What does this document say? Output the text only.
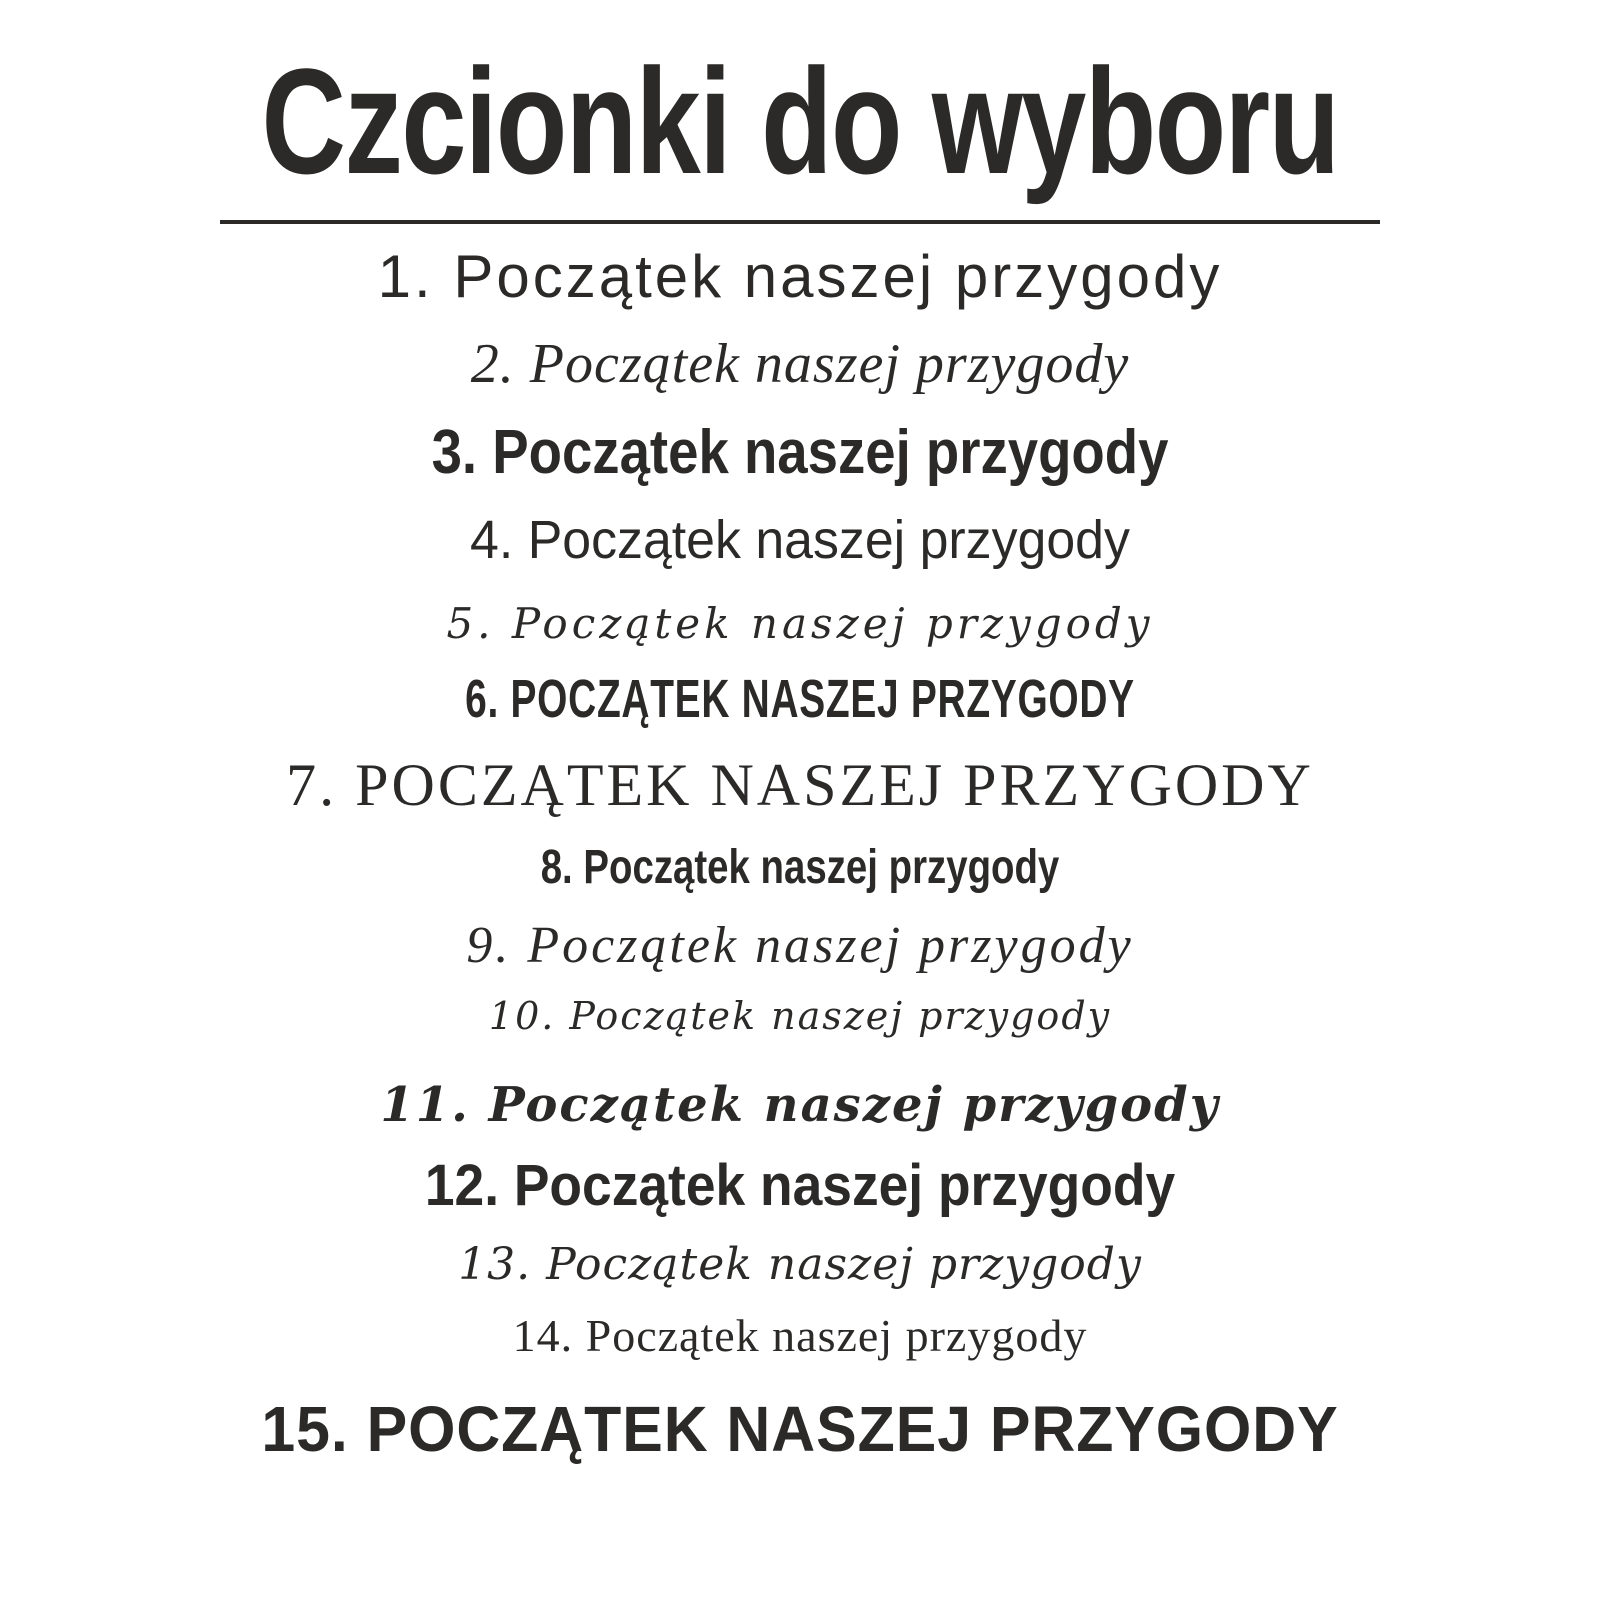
Czcionki do wyboru
1. Początek naszej przygody
2. Początek naszej przygody
3. Początek naszej przygody
4. Początek naszej przygody
5. Początek naszej przygody
6. POCZĄTEK NASZEJ PRZYGODY
7. POCZĄTEK NASZEJ PRZYGODY
8. Początek naszej przygody
9. Początek naszej przygody
10. Początek naszej przygody
11. Początek naszej przygody
12. Początek naszej przygody
13. Początek naszej przygody
14. Początek naszej przygody
15. POCZĄTEK NASZEJ PRZYGODY
